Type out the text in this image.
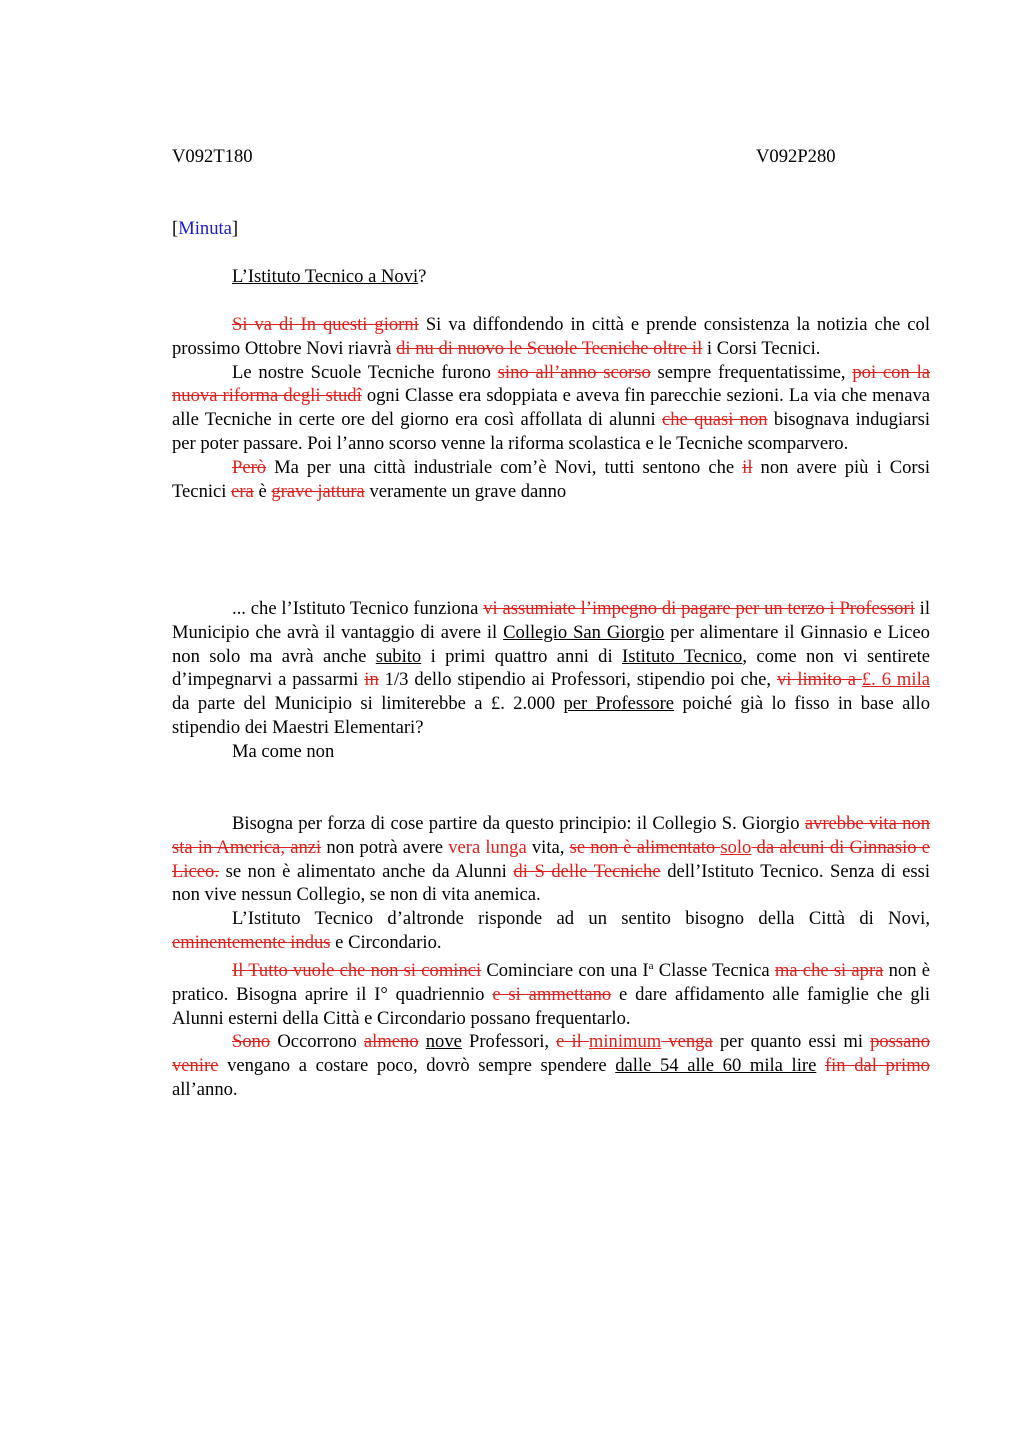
V092T180	V092P280
[Minuta]
L’Istituto Tecnico a Novi?

Si va di In questi giorni Si va diffondendo in città e prende consistenza la notizia che col prossimo Ottobre Novi riavrà di nu di nuovo le Scuole Tecniche oltre il i Corsi Tecnici.

Le nostre Scuole Tecniche furono sino all’anno scorso sempre frequentatissime, poi con la nuova riforma degli studî ogni Classe era sdoppiata e aveva fin parecchie sezioni. La via che menava alle Tecniche in certe ore del giorno era così affollata di alunni che quasi non bisognava indugiarsi per poter passare. Poi l’anno scorso venne la riforma scolastica e le Tecniche scomparvero.

Però Ma per una città industriale com’è Novi, tutti sentono che il non avere più i Corsi Tecnici era è grave jattura veramente un grave danno

... che l’Istituto Tecnico funziona vi assumiate l’impegno di pagare per un terzo i Professori il Municipio che avrà il vantaggio di avere il Collegio San Giorgio per alimentare il Ginnasio e Liceo non solo ma avrà anche subito i primi quattro anni di Istituto Tecnico, come non vi sentirete d’impegnarvi a passarmi in 1/3 dello stipendio ai Professori, stipendio poi che, vi limito a £. 6 mila da parte del Municipio si limiterebbe a £. 2.000 per Professore poiché già lo fisso in base allo stipendio dei Maestri Elementari?

Ma come non

Bisogna per forza di cose partire da questo principio: il Collegio S. Giorgio avrebbe vita non sta in America, anzi non potrà avere vera lunga vita, se non è alimentato solo da alcuni di Ginnasio e Liceo. se non è alimentato anche da Alunni di S delle Tecniche dell’Istituto Tecnico. Senza di essi non vive nessun Collegio, se non di vita anemica.

L’Istituto Tecnico d’altronde risponde ad un sentito bisogno della Città di Novi, eminentemente indus e Circondario.

Il Tutto vuole che non si cominci Cominciare con una $I^a$ Classe Tecnica ma che si apra non è pratico. Bisogna aprire il I° quadriennio e si ammettano e dare affidamento alle famiglie che gli Alunni esterni della Città e Circondario possano frequentarlo.

Sono Occorrono almeno nove Professori, e il minimum venga per quanto essi mi possano venire vengano a costare poco, dovrò sempre spendere dalle 54 alle 60 mila lire fin dal primo all’anno.
